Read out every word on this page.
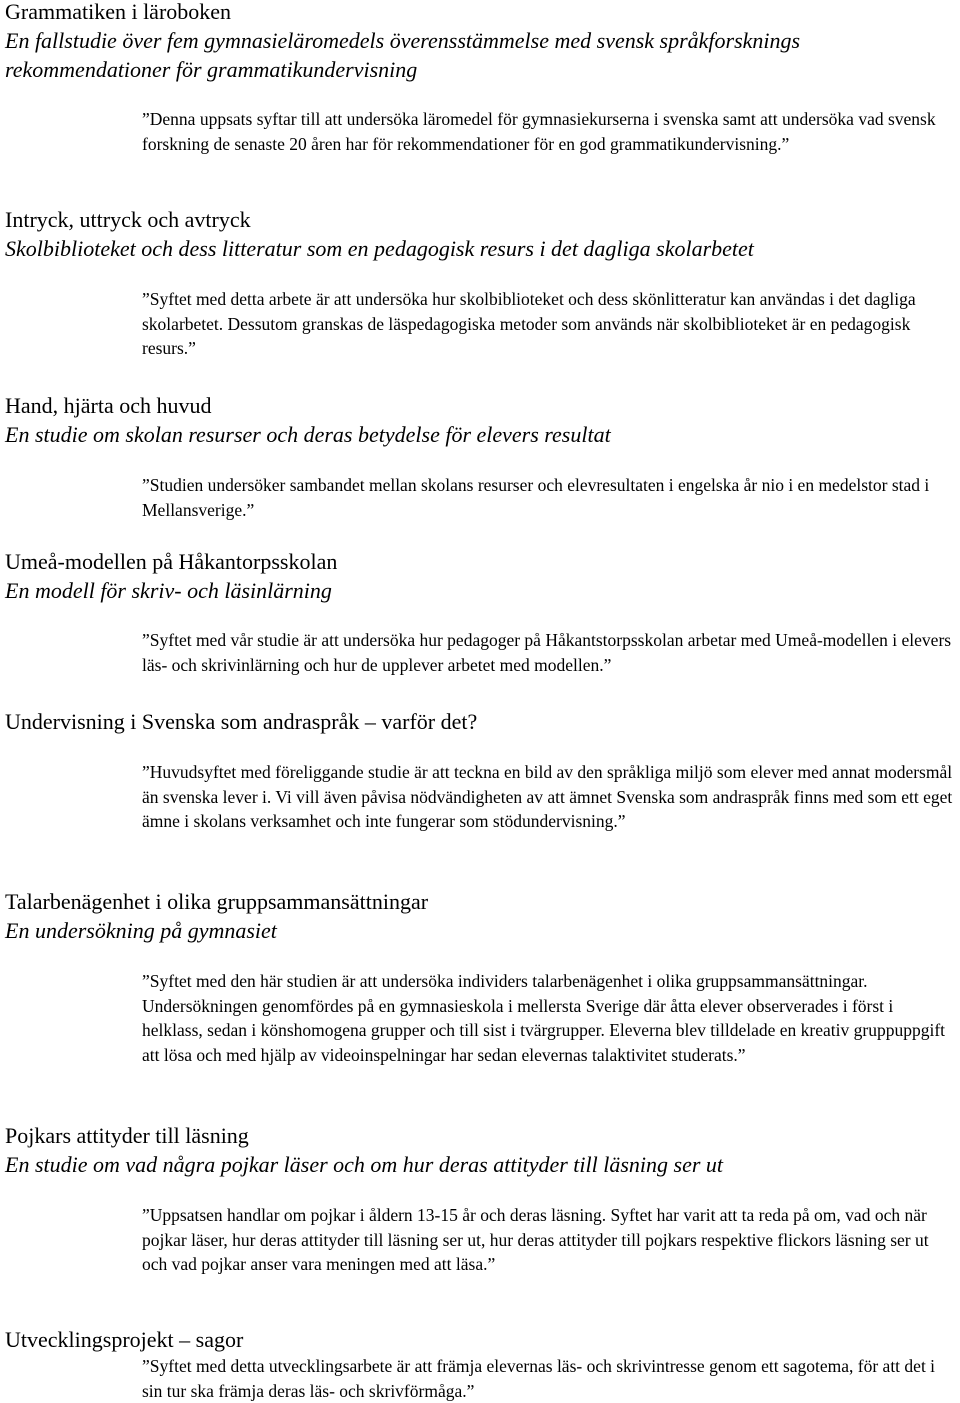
Grammatiken i läroboken
En fallstudie över fem gymnasieläromedels överensstämmelse med svensk språkforsknings rekommendationer för grammatikundervisning

”Denna uppsats syftar till att undersöka läromedel för gymnasiekurserna i svenska samt att undersöka vad svensk forskning de senaste 20 åren har för rekommendationer för en god grammatikundervisning.”

Intryck, uttryck och avtryck
Skolbiblioteket och dess litteratur som en pedagogisk resurs i det dagliga skolarbetet

”Syftet med detta arbete är att undersöka hur skolbiblioteket och dess skönlitteratur kan användas i det dagliga skolarbetet. Dessutom granskas de läspedagogiska metoder som används när skolbiblioteket är en pedagogisk resurs.”

Hand, hjärta och huvud
En studie om skolan resurser och deras betydelse för elevers resultat

”Studien undersöker sambandet mellan skolans resurser och elevresultaten i engelska år nio i en medelstor stad i Mellansverige.”

Umeå-modellen på Håkantorpsskolan
En modell för skriv- och läsinlärning

”Syftet med vår studie är att undersöka hur pedagoger på Håkantstorpsskolan arbetar med Umeå-modellen i elevers läs- och skrivinlärning och hur de upplever arbetet med modellen.”

Undervisning i Svenska som andraspråk – varför det?

”Huvudsyftet med föreliggande studie är att teckna en bild av den språkliga miljö som elever med annat modersmål än svenska lever i. Vi vill även påvisa nödvändigheten av att ämnet Svenska som andraspråk finns med som ett eget ämne i skolans verksamhet och inte fungerar som stödundervisning.”

Talarbenägenhet i olika gruppsammansättningar
En undersökning på gymnasiet

”Syftet med den här studien är att undersöka individers talarbenägenhet i olika gruppsammansättningar. Undersökningen genomfördes på en gymnasieskola i mellersta Sverige där åtta elever observerades i först i helklass, sedan i könshomogena grupper och till sist i tvärgrupper. Eleverna blev tilldelade en kreativ gruppuppgift att lösa och med hjälp av videoinspelningar har sedan elevernas talaktivitet studerats.”

Pojkars attityder till läsning
En studie om vad några pojkar läser och om hur deras attityder till läsning ser ut

”Uppsatsen handlar om pojkar i åldern 13-15 år och deras läsning. Syftet har varit att ta reda på om, vad och när pojkar läser, hur deras attityder till läsning ser ut, hur deras attityder till pojkars respektive flickors läsning ser ut och vad pojkar anser vara meningen med att läsa.”

Utvecklingsprojekt – sagor

”Syftet med detta utvecklingsarbete är att främja elevernas läs- och skrivintresse genom ett sagotema, för att det i sin tur ska främja deras läs- och skrivförmåga.”
